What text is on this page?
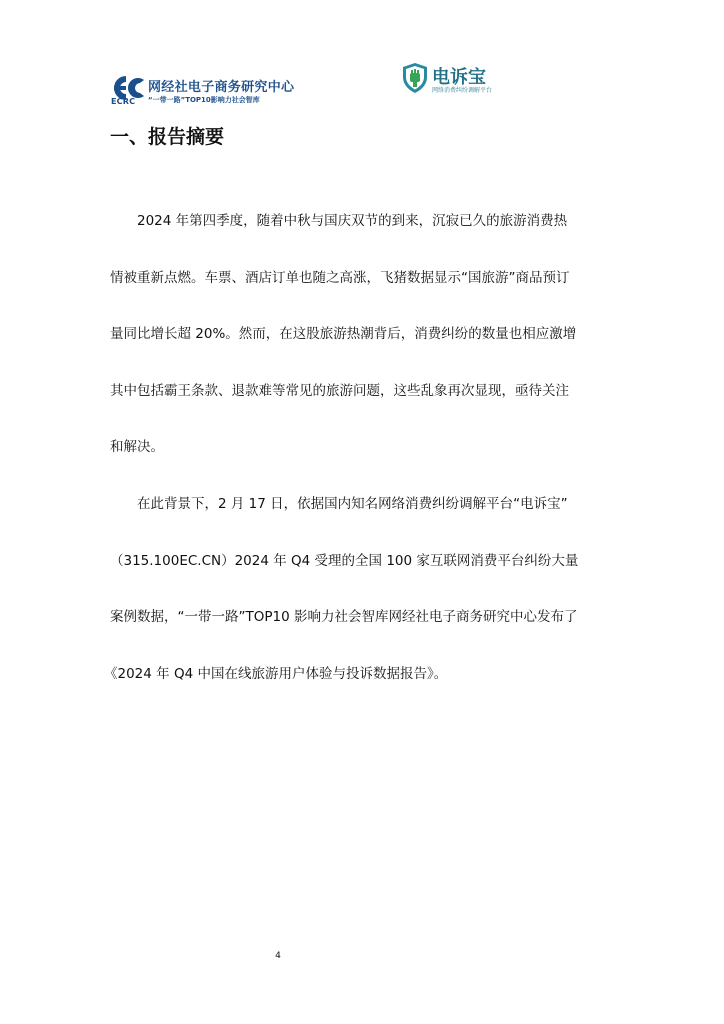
ECRC
网经社电子商务研究中心
“一带一路”TOP10影响力社会智库
电诉宝
网络消费纠纷调解平台
一、报告摘要
2024 年第四季度，随着中秋与国庆双节的到来，沉寂已久的旅游消费热
情被重新点燃。车票、酒店订单也随之高涨，飞猪数据显示“国旅游”商品预订
量同比增长超 20%。然而，在这股旅游热潮背后，消费纠纷的数量也相应激增
其中包括霸王条款、退款难等常见的旅游问题，这些乱象再次显现，亟待关注
和解决。
在此背景下，2 月 17 日，依据国内知名网络消费纠纷调解平台“电诉宝”
（315.100EC.CN）2024 年 Q4 受理的全国 100 家互联网消费平台纠纷大量
案例数据，“一带一路”TOP10 影响力社会智库网经社电子商务研究中心发布了
《2024 年 Q4 中国在线旅游用户体验与投诉数据报告》。
4
